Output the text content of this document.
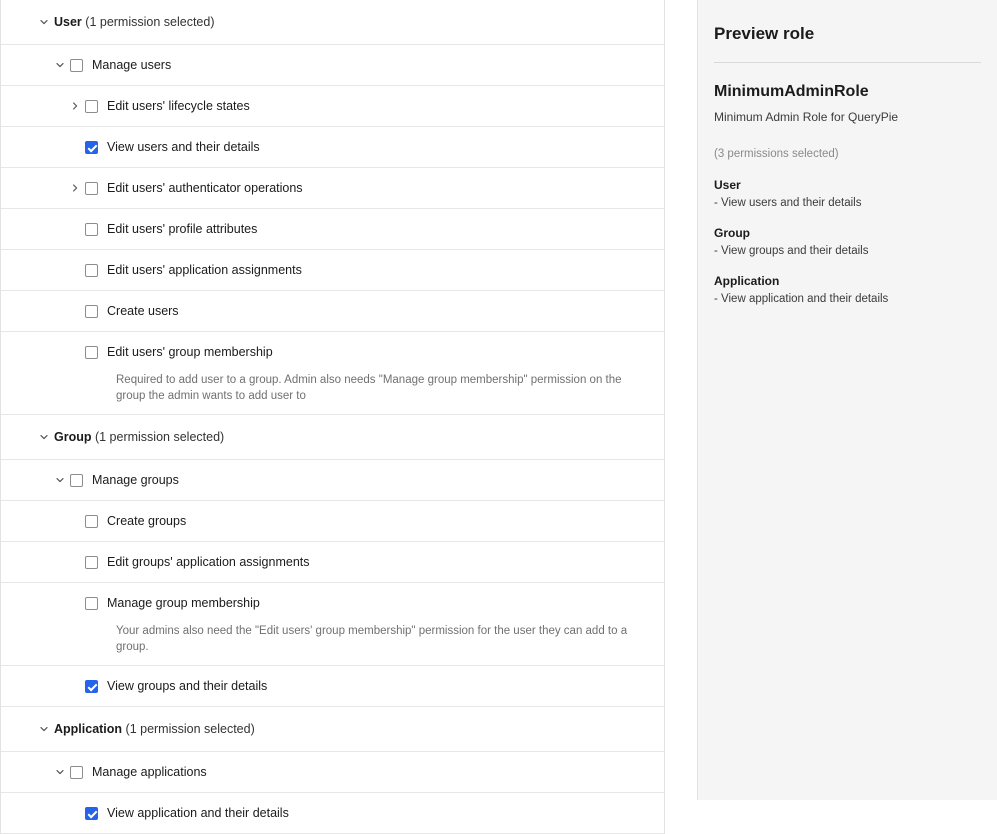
User (1 permission selected)
Manage users
Edit users' lifecycle states
View users and their details
Edit users' authenticator operations
Edit users' profile attributes
Edit users' application assignments
Create users
Edit users' group membership
Required to add user to a group. Admin also needs "Manage group membership" permission on the group the admin wants to add user to
Group (1 permission selected)
Manage groups
Create groups
Edit groups' application assignments
Manage group membership
Your admins also need the "Edit users' group membership" permission for the user they can add to a group.
View groups and their details
Application (1 permission selected)
Manage applications
View application and their details
Preview role
MinimumAdminRole
Minimum Admin Role for QueryPie
(3 permissions selected)
User
- View users and their details
Group
- View groups and their details
Application
- View application and their details
